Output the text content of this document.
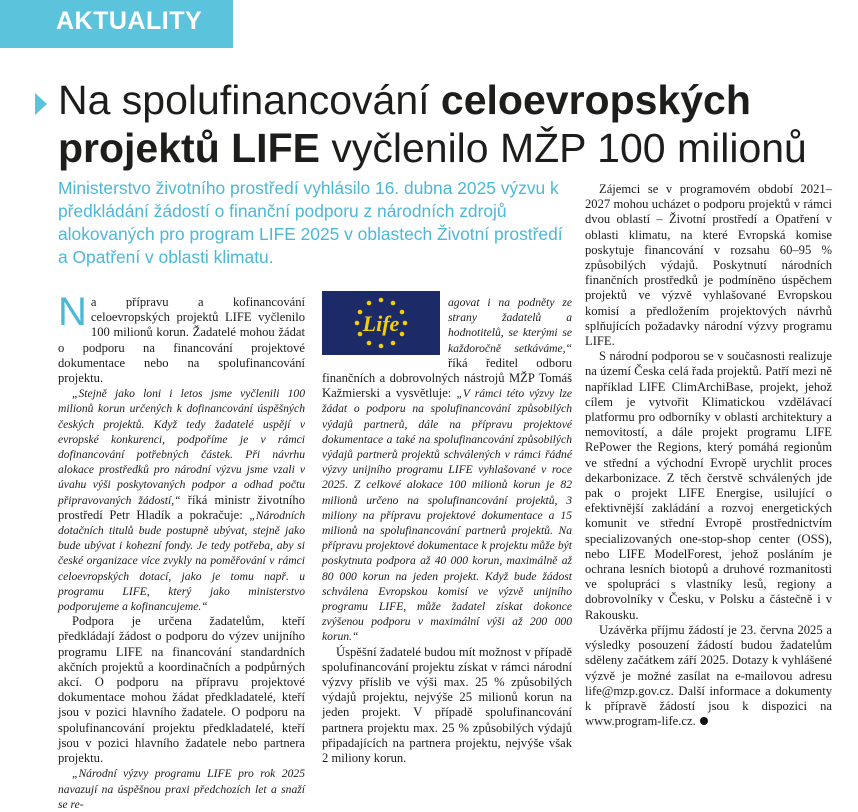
AKTUALITY
Na spolufinancování celoevropských projektů LIFE vyčlenilo MŽP 100 milionů
Ministerstvo životního prostředí vyhlásilo 16. dubna 2025 výzvu k předkládání žádostí o finanční podporu z národních zdrojů alokovaných pro program LIFE 2025 v oblastech Životní prostředí a Opatření v oblasti klimatu.

Na přípravu a kofinancování celoevropských projektů LIFE vyčlenilo 100 milionů korun. Žadatelé mohou žádat o podporu na financování projektové dokumentace nebo na spolufinancování projektu.

„Stejně jako loni i letos jsme vyčlenili 100 milionů korun určených k dofinancování úspěšných českých projektů. Když tedy žadatelé uspějí v evropské konkurenci, podpoříme je v rámci dofinancování potřebných částek. Při návrhu alokace prostředků pro národní výzvu jsme vzali v úvahu výši poskytovaných podpor a odhad počtu připravovaných žádostí,“ říká ministr životního prostředí Petr Hladík a pokračuje: „Národních dotačních titulů bude postupně ubývat, stejně jako bude ubývat i kohezní fondy. Je tedy potřeba, aby si české organizace více zvykly na poměřování v rámci celoevropských dotací, jako je tomu např. u programu LIFE, který jako ministerstvo podporujeme a kofinancujeme.“

Podpora je určena žadatelům, kteří předkládají žádost o podporu do výzev unijního programu LIFE na financování standardních akčních projektů a koordinačních a podpůrných akcí. O podporu na přípravu projektové dokumentace mohou žádat předkladatelé, kteří jsou v pozici hlavního žadatele. O podporu na spolufinancování projektu předkladatelé, kteří jsou v pozici hlavního žadatele nebo partnera projektu.

„Národní výzvy programu LIFE pro rok 2025 navazují na úspěšnou praxi předchozích let a snaží se re-

Life

agovat i na podněty ze strany žadatelů a hodnotitelů, se kterými se každoročně setkáváme,“ říká ředitel odboru finančních a dobrovolných nástrojů MŽP Tomáš Kažmierski a vysvětluje: „V rámci této výzvy lze žádat o podporu na spolufinancování způsobilých výdajů partnerů, dále na přípravu projektové dokumentace a také na spolufinancování způsobilých výdajů partnerů projektů schválených v rámci řádné výzvy unijního programu LIFE vyhlašované v roce 2025. Z celkové alokace 100 milionů korun je 82 milionů určeno na spolufinancování projektů, 3 miliony na přípravu projektové dokumentace a 15 milionů na spolufinancování partnerů projektů. Na přípravu projektové dokumentace k projektu může být poskytnuta podpora až 40 000 korun, maximálně až 80 000 korun na jeden projekt. Když bude žádost schválena Evropskou komisí ve výzvě unijního programu LIFE, může žadatel získat dokonce zvýšenou podporu v maximální výši až 200 000 korun.“

Úspěšní žadatelé budou mít možnost v případě spolufinancování projektu získat v rámci národní výzvy příslib ve výši max. 25 % způsobilých výdajů projektu, nejvýše 25 milionů korun na jeden projekt. V případě spolufinancování partnera projektu max. 25 % způsobilých výdajů připadajících na partnera projektu, nejvýše však 2 miliony korun.

Zájemci se v programovém období 2021–2027 mohou ucházet o podporu projektů v rámci dvou oblastí – Životní prostředí a Opatření v oblasti klimatu, na které Evropská komise poskytuje financování v rozsahu 60–95 % způsobilých výdajů. Poskytnutí národních finančních prostředků je podmíněno úspěchem projektů ve výzvě vyhlašované Evropskou komisí a předložením projektových návrhů splňujících požadavky národní výzvy programu LIFE.

S národní podporou se v současnosti realizuje na území Česka celá řada projektů. Patří mezi ně například LIFE ClimArchiBase, projekt, jehož cílem je vytvořit Klimatickou vzdělávací platformu pro odborníky v oblasti architektury a nemovitostí, a dále projekt programu LIFE RePower the Regions, který pomáhá regionům ve střední a východní Evropě urychlit proces dekarbonizace. Z těch čerstvě schválených jde pak o projekt LIFE Energise, usilující o efektivnější zakládání a rozvoj energetických komunit ve střední Evropě prostřednictvím specializovaných one-stop-shop center (OSS), nebo LIFE ModelForest, jehož posláním je ochrana lesních biotopů a druhové rozmanitosti ve spolupráci s vlastníky lesů, regiony a dobrovolníky v Česku, v Polsku a částečně i v Rakousku.

Uzávěrka příjmu žádostí je 23. června 2025 a výsledky posouzení žádostí budou žadatelům sděleny začátkem září 2025. Dotazy k vyhlášené výzvě je možné zasílat na e-mailovou adresu life@mzp.gov.cz. Další informace a dokumenty k přípravě žádostí jsou k dispozici na www.program-life.cz.
